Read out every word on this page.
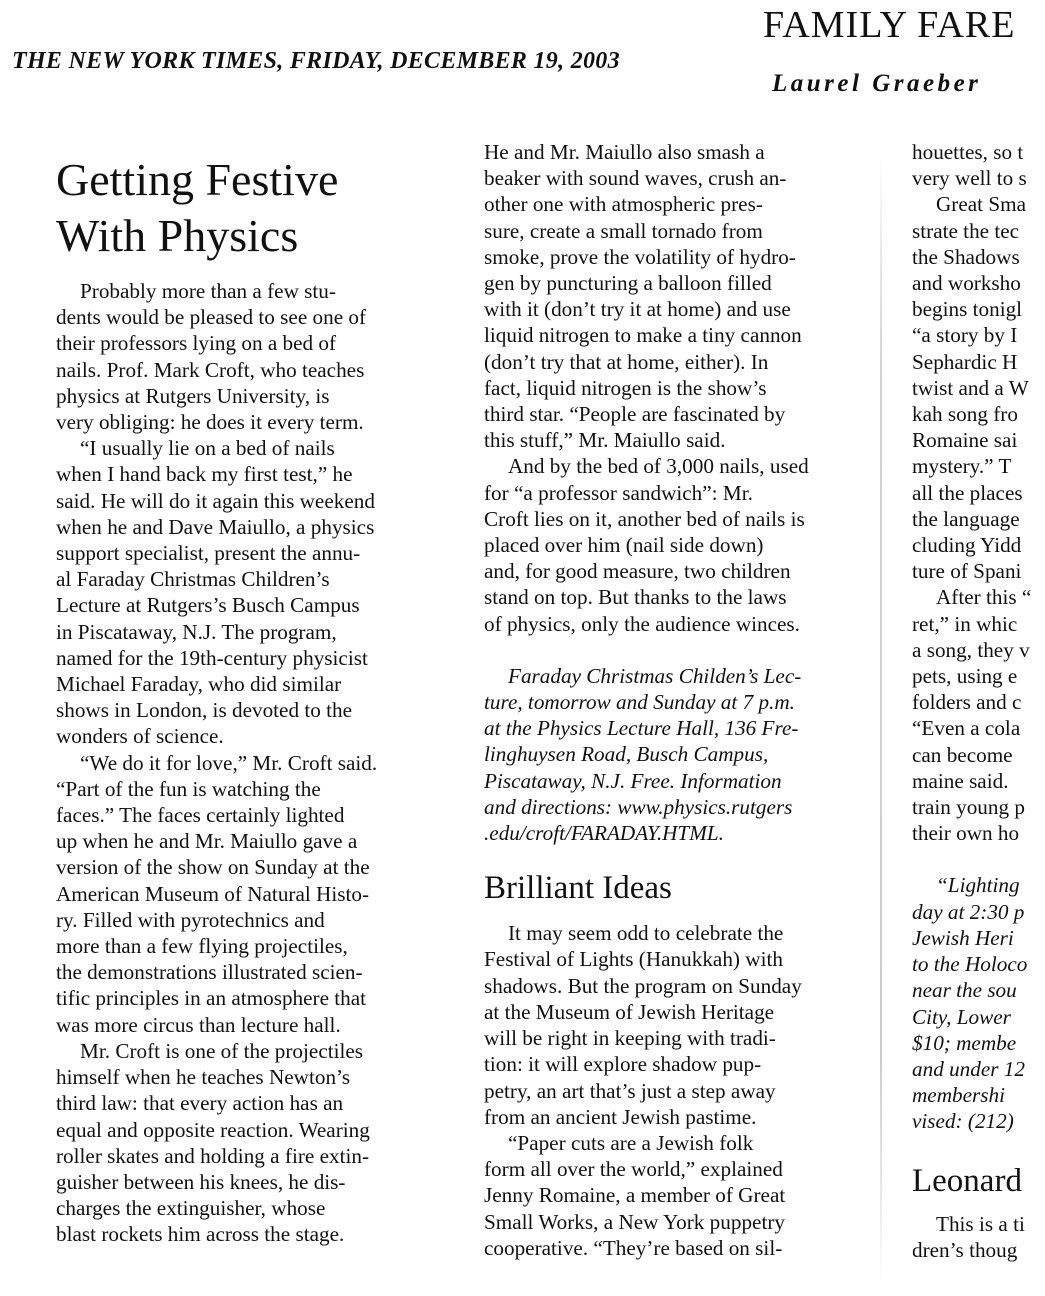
FAMILY FARE
THE NEW YORK TIMES, FRIDAY, DECEMBER 19, 2003
Laurel Graeber
Getting Festive
With Physics
Probably more than a few stu-
dents would be pleased to see one of
their professors lying on a bed of
nails. Prof. Mark Croft, who teaches
physics at Rutgers University, is
very obliging: he does it every term.
“I usually lie on a bed of nails
when I hand back my first test,” he
said. He will do it again this weekend
when he and Dave Maiullo, a physics
support specialist, present the annu-
al Faraday Christmas Children’s
Lecture at Rutgers’s Busch Campus
in Piscataway, N.J. The program,
named for the 19th-century physicist
Michael Faraday, who did similar
shows in London, is devoted to the
wonders of science.
“We do it for love,” Mr. Croft said.
“Part of the fun is watching the
faces.” The faces certainly lighted
up when he and Mr. Maiullo gave a
version of the show on Sunday at the
American Museum of Natural Histo-
ry. Filled with pyrotechnics and
more than a few flying projectiles,
the demonstrations illustrated scien-
tific principles in an atmosphere that
was more circus than lecture hall.
Mr. Croft is one of the projectiles
himself when he teaches Newton’s
third law: that every action has an
equal and opposite reaction. Wearing
roller skates and holding a fire extin-
guisher between his knees, he dis-
charges the extinguisher, whose
blast rockets him across the stage.
He and Mr. Maiullo also smash a
beaker with sound waves, crush an-
other one with atmospheric pres-
sure, create a small tornado from
smoke, prove the volatility of hydro-
gen by puncturing a balloon filled
with it (don’t try it at home) and use
liquid nitrogen to make a tiny cannon
(don’t try that at home, either). In
fact, liquid nitrogen is the show’s
third star. “People are fascinated by
this stuff,” Mr. Maiullo said.
And by the bed of 3,000 nails, used
for “a professor sandwich”: Mr.
Croft lies on it, another bed of nails is
placed over him (nail side down)
and, for good measure, two children
stand on top. But thanks to the laws
of physics, only the audience winces.
Faraday Christmas Childen’s Lec-
ture, tomorrow and Sunday at 7 p.m.
at the Physics Lecture Hall, 136 Fre-
linghuysen Road, Busch Campus,
Piscataway, N.J. Free. Information
and directions: www.physics.rutgers
.edu/croft/FARADAY.HTML.
Brilliant Ideas
It may seem odd to celebrate the
Festival of Lights (Hanukkah) with
shadows. But the program on Sunday
at the Museum of Jewish Heritage
will be right in keeping with tradi-
tion: it will explore shadow pup-
petry, an art that’s just a step away
from an ancient Jewish pastime.
“Paper cuts are a Jewish folk
form all over the world,” explained
Jenny Romaine, a member of Great
Small Works, a New York puppetry
cooperative. “They’re based on sil-
houettes, so t
very well to s
Great Sma
strate the tec
the Shadows
and worksho
begins tonigl
“a story by I
Sephardic H
twist and a W
kah song fro
Romaine sai
mystery.” T
all the places
the language
cluding Yidd
ture of Spani
After this “
ret,” in whic
a song, they v
pets, using e
folders and c
“Even a cola
can become
maine said.
train young p
their own ho
“Lighting
day at 2:30 p
Jewish Heri
to the Holoco
near the sou
City, Lower
$10; membe
and under 12
membershi
vised: (212)
Leonard
This is a ti
dren’s thoug
